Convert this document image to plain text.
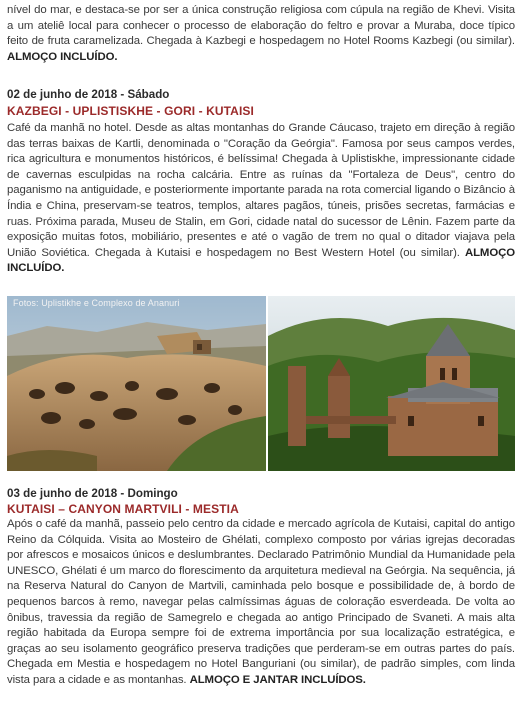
nível do mar, e destaca-se por ser a única construção religiosa com cúpula na região de Khevi. Visita a um ateliê local para conhecer o processo de elaboração do feltro e provar a Muraba, doce típico feito de fruta caramelizada. Chegada à Kazbegi e hospedagem no Hotel Rooms Kazbegi (ou similar). ALMOÇO INCLUÍDO.

02 de junho de 2018 - Sábado
KAZBEGI - UPLISTISKHE - GORI - KUTAISI

Café da manhã no hotel. Desde as altas montanhas do Grande Cáucaso, trajeto em direção à região das terras baixas de Kartli, denominada o "Coração da Geórgia". Famosa por seus campos verdes, rica agricultura e monumentos históricos, é belíssima! Chegada à Uplistiskhe, impressionante cidade de cavernas esculpidas na rocha calcária. Entre as ruínas da "Fortaleza de Deus", centro do paganismo na antiguidade, e posteriormente importante parada na rota comercial ligando o Bizâncio à Índia e China, preservam-se teatros, templos, altares pagãos, túneis, prisões secretas, farmácias e ruas. Próxima parada, Museu de Stalin, em Gori, cidade natal do sucessor de Lênin. Fazem parte da exposição muitas fotos, mobiliário, presentes e até o vagão de trem no qual o ditador viajava pela União Soviética. Chegada à Kutaisi e hospedagem no Best Western Hotel (ou similar). ALMOÇO INCLUÍDO.

Fotos: Uplistikhe e Complexo de Ananuri
03 de junho de 2018 - Domingo
KUTAISI – CANYON MARTVILI - MESTIA

Após o café da manhã, passeio pelo centro da cidade e mercado agrícola de Kutaisi, capital do antigo Reino da Cólquida. Visita ao Mosteiro de Ghélati, complexo composto por várias igrejas decoradas por afrescos e mosaicos únicos e deslumbrantes. Declarado Patrimônio Mundial da Humanidade pela UNESCO, Ghélati é um marco do florescimento da arquitetura medieval na Geórgia. Na sequência, já na Reserva Natural do Canyon de Martvili, caminhada pelo bosque e possibilidade de, à bordo de pequenos barcos à remo, navegar pelas calmíssimas águas de coloração esverdeada. De volta ao ônibus, travessia da região de Samegrelo e chegada ao antigo Principado de Svaneti. A mais alta região habitada da Europa sempre foi de extrema importância por sua localização estratégica, e graças ao seu isolamento geográfico preserva tradições que perderam-se em outras partes do país. Chegada em Mestia e hospedagem no Hotel Banguriani (ou similar), de padrão simples, com linda vista para a cidade e as montanhas. ALMOÇO E JANTAR INCLUÍDOS.
